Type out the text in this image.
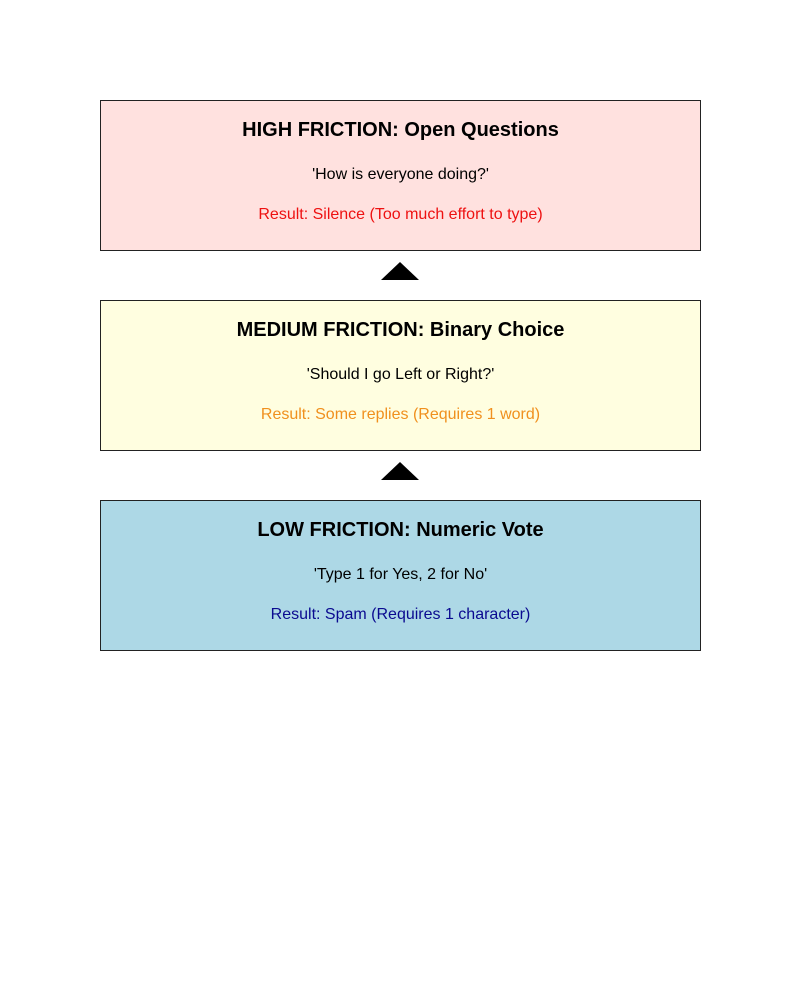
HIGH FRICTION: Open Questions
'How is everyone doing?'
Result: Silence (Too much effort to type)
MEDIUM FRICTION: Binary Choice
'Should I go Left or Right?'
Result: Some replies (Requires 1 word)
LOW FRICTION: Numeric Vote
'Type 1 for Yes, 2 for No'
Result: Spam (Requires 1 character)
